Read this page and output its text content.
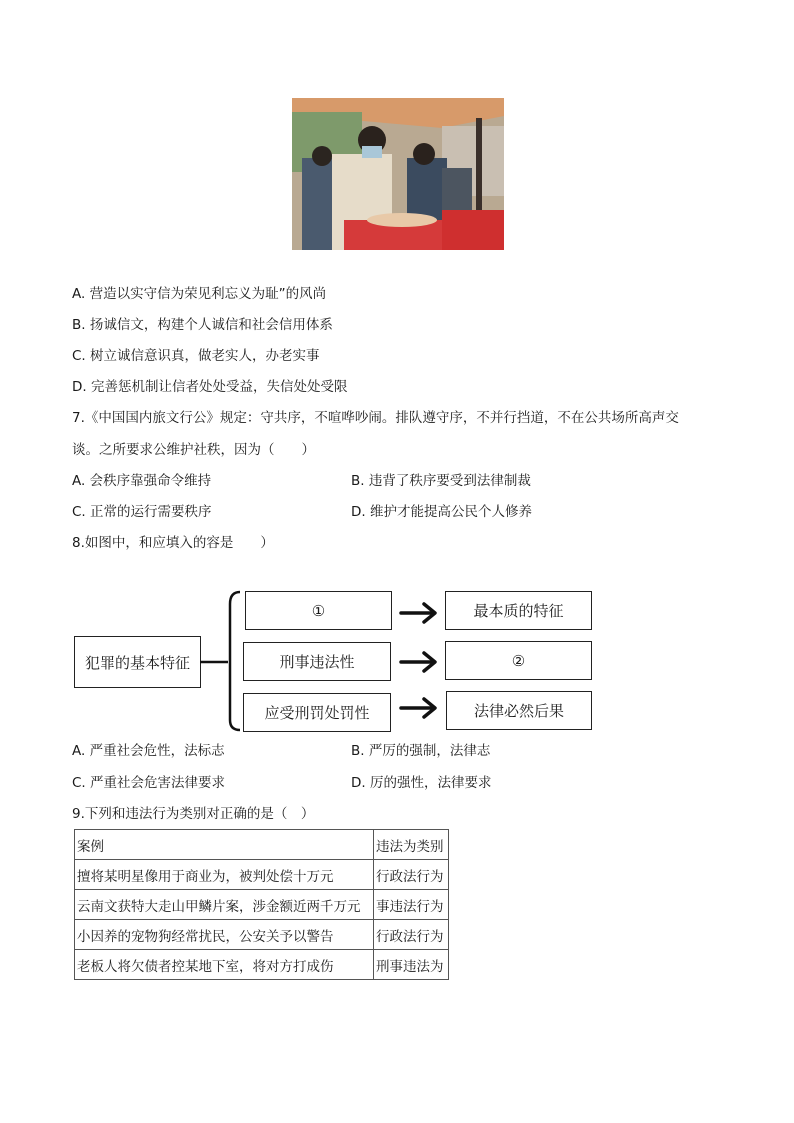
A. 营造以实守信为荣见利忘义为耻”的风尚
B. 扬诚信文，构建个人诚信和社会信用体系
C. 树立诚信意识真，做老实人，办老实事
D. 完善惩机制让信者处处受益，失信处处受限
7.《中国国内旅文行公》规定：守共序，不喧哗吵闹。排队遵守序，不并行挡道，不在公共场所高声交
谈。之所要求公维护社秩，因为（　　）
A. 会秩序靠强命令维持	B. 违背了秩序要受到法律制裁
C. 正常的运行需要秩序	D. 维护才能提高公民个人修养
8.如图中，和应填入的容是　　）
犯罪的基本特征
①
刑事违法性
应受刑罚处罚性
最本质的特征
②
法律必然后果
A. 严重社会危性，法标志	B. 严厉的强制，法律志
C. 严重社会危害法律要求	D. 厉的强性，法律要求
9.下列和违法行为类别对正确的是（　）
案例	违法为类别
擅将某明星像用于商业为，被判处偿十万元	行政法行为
云南文获特大走山甲鳞片案，涉金额近两千万元	事违法行为
小因养的宠物狗经常扰民，公安关予以警告	行政法行为
老板人将欠债者控某地下室，将对方打成伤	刑事违法为
